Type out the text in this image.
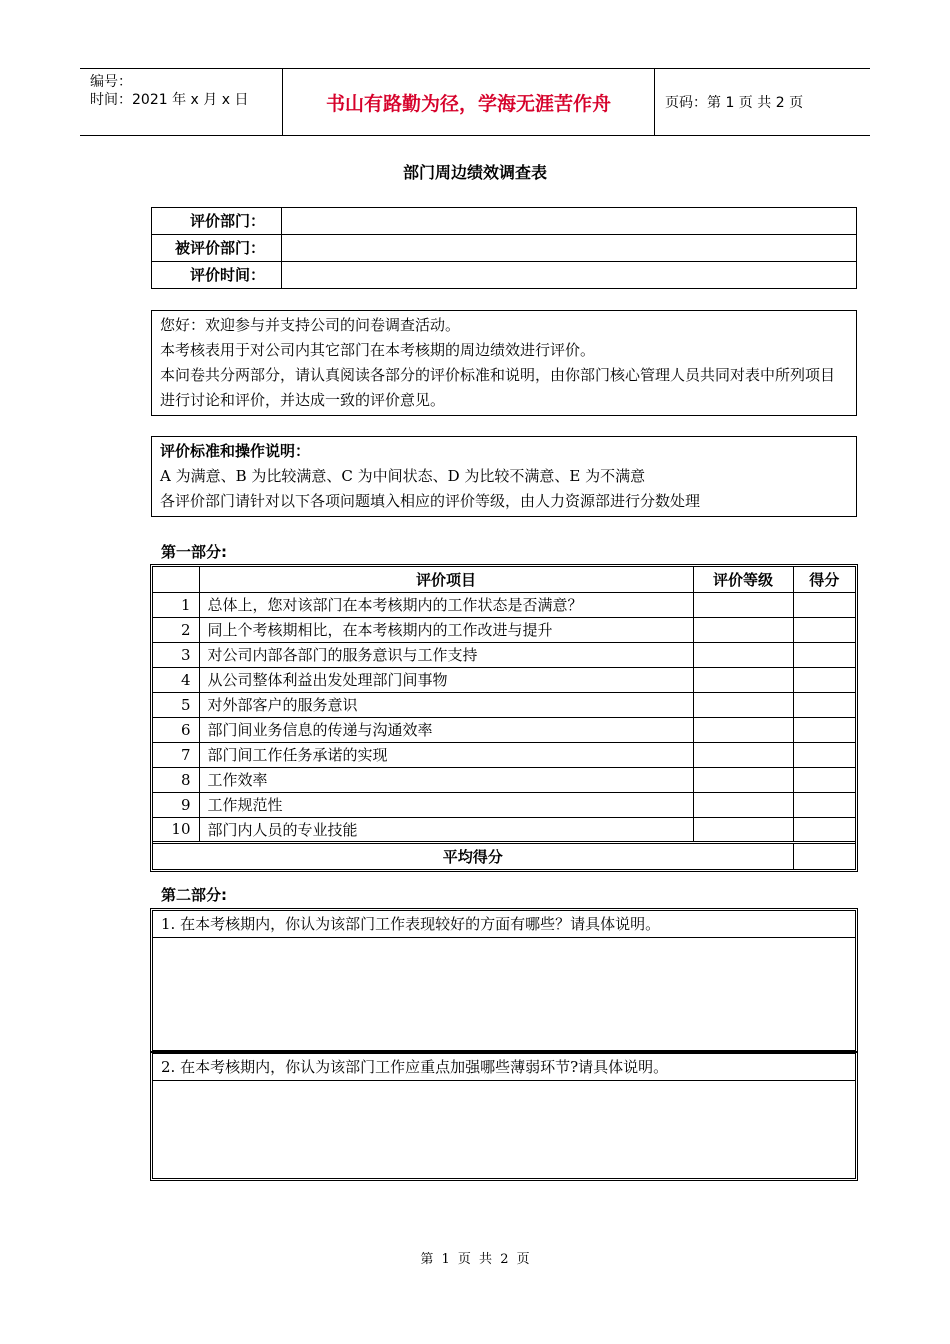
编号：
时间：2021 年 x 月 x 日	书山有路勤为径，学海无涯苦作舟	页码：第 1 页 共 2 页
部门周边绩效调查表
评价部门：
被评价部门：
评价时间：
您好：欢迎参与并支持公司的问卷调查活动。
本考核表用于对公司内其它部门在本考核期的周边绩效进行评价。
本问卷共分两部分，请认真阅读各部分的评价标准和说明，由你部门核心管理人员共同对表中所列项目进行讨论和评价，并达成一致的评价意见。
评价标准和操作说明：
A 为满意、B 为比较满意、C 为中间状态、D 为比较不满意、E 为不满意
各评价部门请针对以下各项问题填入相应的评价等级，由人力资源部进行分数处理
第一部分:
	评价项目	评价等级	得分
1	总体上，您对该部门在本考核期内的工作状态是否满意？		
2	同上个考核期相比，在本考核期内的工作改进与提升		
3	对公司内部各部门的服务意识与工作支持		
4	从公司整体利益出发处理部门间事物		
5	对外部客户的服务意识		
6	部门间业务信息的传递与沟通效率		
7	部门间工作任务承诺的实现		
8	工作效率		
9	工作规范性		
10	部门内人员的专业技能		
平均得分			
第二部分:
1. 在本考核期内，你认为该部门工作表现较好的方面有哪些？请具体说明。
2. 在本考核期内，你认为该部门工作应重点加强哪些薄弱环节?请具体说明。
第 1 页 共 2 页
